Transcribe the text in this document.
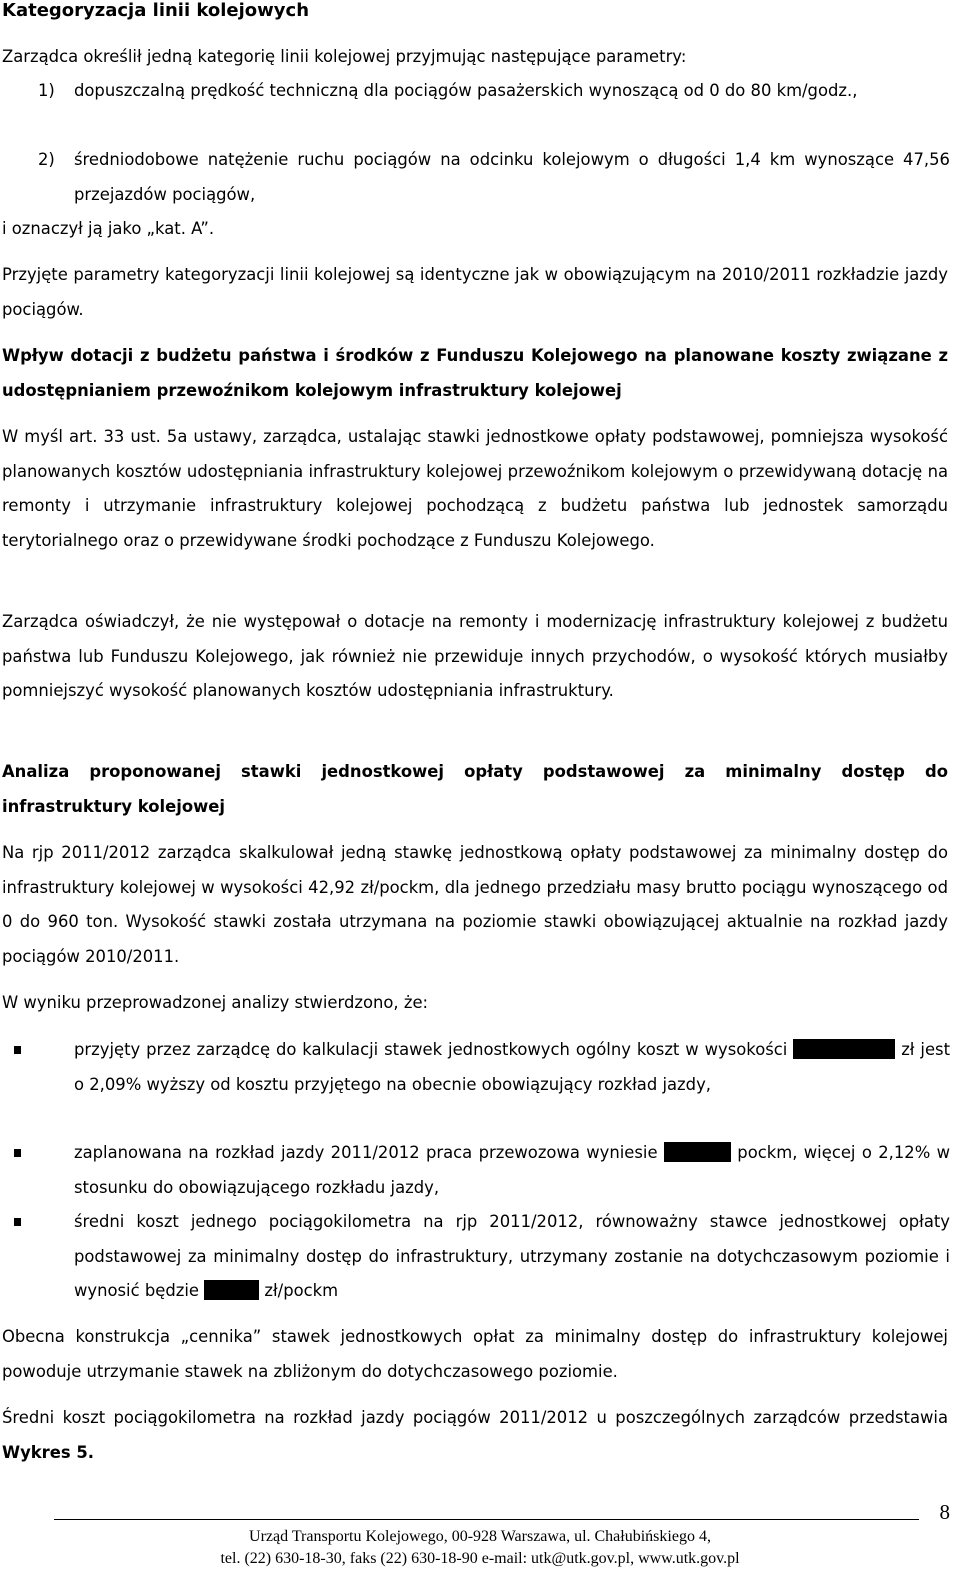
Kategoryzacja linii kolejowych

Zarządca określił jedną kategorię linii kolejowej przyjmując następujące parametry:

1) dopuszczalną prędkość techniczną dla pociągów pasażerskich wynoszącą od 0 do 80 km/godz.,
2) średniodobowe natężenie ruchu pociągów na odcinku kolejowym o długości 1,4 km wynoszące 47,56 przejazdów pociągów,

i oznaczył ją jako „kat. A”.

Przyjęte parametry kategoryzacji linii kolejowej są identyczne jak w obowiązującym na 2010/2011 rozkładzie jazdy pociągów.

Wpływ dotacji z budżetu państwa i środków z Funduszu Kolejowego na planowane koszty związane z udostępnianiem przewoźnikom kolejowym infrastruktury kolejowej

W myśl art. 33 ust. 5a ustawy, zarządca, ustalając stawki jednostkowe opłaty podstawowej, pomniejsza wysokość planowanych kosztów udostępniania infrastruktury kolejowej przewoźnikom kolejowym o przewidywaną dotację na remonty i utrzymanie infrastruktury kolejowej pochodzącą z budżetu państwa lub jednostek samorządu terytorialnego oraz o przewidywane środki pochodzące z Funduszu Kolejowego.

Zarządca oświadczył, że nie występował o dotacje na remonty i modernizację infrastruktury kolejowej z budżetu państwa lub Funduszu Kolejowego, jak również nie przewiduje innych przychodów, o wysokość których musiałby pomniejszyć wysokość planowanych kosztów udostępniania infrastruktury.

Analiza proponowanej stawki jednostkowej opłaty podstawowej za minimalny dostęp do infrastruktury kolejowej

Na rjp 2011/2012 zarządca skalkulował jedną stawkę jednostkową opłaty podstawowej za minimalny dostęp do infrastruktury kolejowej w wysokości 42,92 zł/pockm, dla jednego przedziału masy brutto pociągu wynoszącego od 0 do 960 ton. Wysokość stawki została utrzymana na poziomie stawki obowiązującej aktualnie na rozkład jazdy pociągów 2010/2011.

W wyniku przeprowadzonej analizy stwierdzono, że:

przyjęty przez zarządcę do kalkulacji stawek jednostkowych ogólny koszt w wysokości	zł jest o 2,09% wyższy od kosztu przyjętego na obecnie obowiązujący rozkład jazdy,
zaplanowana na rozkład jazdy 2011/2012 praca przewozowa wyniesie	pockm, więcej o 2,12% w stosunku do obowiązującego rozkładu jazdy,
średni koszt jednego pociągokilometra na rjp 2011/2012, równoważny stawce jednostkowej opłaty podstawowej za minimalny dostęp do infrastruktury, utrzymany zostanie na dotychczasowym poziomie i wynosić będzie	zł/pockm

Obecna konstrukcja „cennika” stawek jednostkowych opłat za minimalny dostęp do infrastruktury kolejowej powoduje utrzymanie stawek na zbliżonym do dotychczasowego poziomie.

Średni koszt pociągokilometra na rozkład jazdy pociągów 2011/2012 u poszczególnych zarządców przedstawia Wykres 5.

8
Urząd Transportu Kolejowego, 00-928 Warszawa, ul. Chałubińskiego 4,
tel. (22) 630-18-30, faks (22) 630-18-90 e-mail: utk@utk.gov.pl, www.utk.gov.pl
